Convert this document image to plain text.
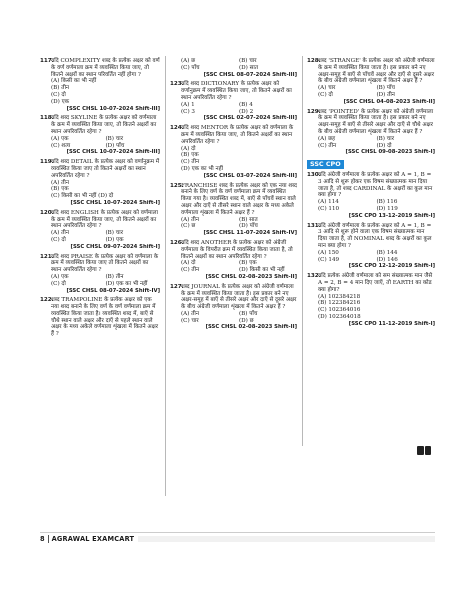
117.
यदि COMPLEXITY शब्द के प्रत्येक अक्षर को वर्ण के वर्ण वर्णमाला क्रम में व्यवस्थित किया जाए, तो कितने अक्षरों का स्थान परिवर्तित नहीं होगा ?
(A) किसी का भी नहीं
(B) तीन
(C) दो
(D) एक
[SSC CHSL 10-07-2024 Shift-III]
118.
यदि शब्द SKYLINE के प्रत्येक अक्षर को वर्णमाला के क्रम में व्यवस्थित किया जाए, तो कितने अक्षरों का स्थान अपरिवर्तित रहेगा ?
(A) एक	(B) चार
(C) शत्य	(D) पाँच
[SSC CHSL 10-07-2024 Shift-III]
119.
यदि शब्द DETAIL के प्रत्येक अक्षर को वर्णानुक्रम में व्यवस्थित किया जाए तो कितने अक्षरों का स्थान अपरिवर्तित रहेगा ?
(A) तीन
(B) एक
(C) किसी का भी नहीं (D) दो
[SSC CHSL 10-07-2024 Shift-I]
120.
यदि शब्द ENGLISH के प्रत्येक अक्षर को वर्णमाला के क्रम में व्यवस्थित किया जाए, तो कितने अक्षरों का स्थान अपरिवर्तित रहेगा ?
(A) तीन	(B) चार
(C) दो	(D) एक
[SSC CHSL 09-07-2024 Shift-I]
121.
यदि शब्द PRAISE के प्रत्येक अक्षर को वर्णमाला के क्रम में व्यवस्थित किया जाए तो कितने अक्षरों का स्थान अपरिवर्तित रहेगा ?
(A) एक	(B) तीन
(C) दो	(D) एक का भी नहीं
[SSC CHSL 08-07-2024 Shift-IV]
122.
शब्द TRAMPOLINE के प्रत्येक अक्षर को एक नया शब्द बनाने के लिए वर्ण के वर्ण वर्णमाला क्रम में व्यवस्थित किया जाता है। व्यवस्थित शब्द में, बाएँ से चौथे स्थान वाले अक्षर और दाएँ से पहले स्थान वाले अक्षर के मध्य अकेले वर्णमाला शृंखला में कितने अक्षर हैं ?
(A) छ	(B) चार
(C) पाँच	(D) सात
[SSC CHSL 08-07-2024 Shift-III]
123.
यदि शब्द DICTIONARY के प्रत्येक अक्षर को वर्णानुक्रम में व्यवस्थित किया जाए, तो कितने अक्षरों का स्थान अपरिवर्तित रहेगा ?
(A) 1	(B) 4
(C) 3	(D) 2
[SSC CHSL 02-07-2024 Shift-III]
124.
यदि शब्द MENTOR के प्रत्येक अक्षर को वर्णमाला के क्रम में व्यवस्थित किया जाए, तो कितने अक्षरों का स्थान अपरिवर्तित रहेगा ?
(A) दो
(B) एक
(C) तीन
(D) एक का भी नहीं
[SSC CHSL 03-07-2024 Shift-III]
125.
FRANCHISE शब्द के प्रत्येक अक्षर को एक नया शब्द बनाने के लिए वर्ण के वर्ण वर्णमाला क्रम में व्यवस्थित किया गया है। व्यवस्थित शब्द में, बाएँ से पाँचवें स्थान वाले अक्षर और दाएँ से तीसरे स्थान वाले अक्षर के मध्य अकेले वर्णमाला शृंखला में कितने अक्षर हैं ?
(A) तीन	(B) सात
(C) छ	(D) पाँच
[SSC CHSL 11-07-2024 Shift-IV]
126.
यदि शब्द ANOTHER के प्रत्येक अक्षर को अंग्रेजी वर्णमाला के विपरीत क्रम में व्यवस्थित किया जाता है, तो कितने अक्षरों का स्थान अपरिवर्तित रहेगा ?
(A) दो	(B) एक
(C) तीन	(D) किसी का भी नहीं
[SSC CHSL 02-08-2023 Shift-II]
127.
शब्द JOURNAL के प्रत्येक अक्षर को अंग्रेजी वर्णमाला के क्रम में व्यवस्थित किया जाता है। इस प्रकार बने नए अक्षर-समूह में बाएँ से तीसरे अक्षर और दाएँ से दूसरे अक्षर के बीच अंग्रेजी वर्णमाला शृंखला में कितने अक्षर हैं ?
(A) तीन	(B) पाँच
(C) चार	(D) छ
[SSC CHSL 02-08-2023 Shift-II]
128.
शब्द 'STRANGE' के प्रत्येक अक्षर को अंग्रेजी वर्णमाला के क्रम में व्यवस्थित किया जाता है। इस प्रकार बने नए अक्षर-समूह में बाएँ से पाँचवें अक्षर और दाएँ से दूसरे अक्षर के बीच अंग्रेजी वर्णमाला शृंखला में कितने अक्षर हैं ?
(A) चार	(B) पाँच
(C) दो	(D) तीन
[SSC CHSL 04-08-2023 Shift-II]
129.
शब्द 'POINTED' के प्रत्येक अक्षर को अंग्रेजी वर्णमाला के क्रम में व्यवस्थित किया जाता है। इस प्रकार बने नए अक्षर-समूह में बाएँ से तीसरे अक्षर और दाएँ से चौथे अक्षर के बीच अंग्रेजी वर्णमाला शृंखला में कितने अक्षर हैं ?
(A) छह	(B) चार
(C) तीन	(D) दो
[SSC CHSL 09-08-2023 Shift-I]
SSC CPO
130.
यदि अंग्रेजी वर्णमाला के प्रत्येक अक्षर को A = 1, B = 3 आदि से शुरू होकर एक विषम संख्यात्मक मान दिया जाता है, तो शब्द CARDINAL के अक्षरों का कुल मान क्या होगा ?
(A) 114	(B) 116
(C) 110	(D) 119
[SSC CPO 13-12-2019 Shift-I]
131.
यदि अंग्रेजी वर्णमाला के प्रत्येक अक्षर को A = 1, B = 3 आदि से शुरू होने वाला एक विषम संख्यात्मक मान दिया जाता है, तो NOMINAL शब्द के अक्षरों का कुल मान क्या होगा ?
(A) 150	(B) 144
(C) 149	(D) 146
[SSC CPO 12-12-2019 Shift-I]
132.
यदि प्रत्येक अंग्रेजी वर्णमाला को सम संख्यात्मक मान जैसे A = 2, B = 4 मान दिए जाएँ, तो EARTH का कोड क्या होगा?
(A) 102384218
(B) 122384216
(C) 102364016
(D) 102364018
[SSC CPO 11-12-2019 Shift-I]
8 AGRAWAL EXAMCART
